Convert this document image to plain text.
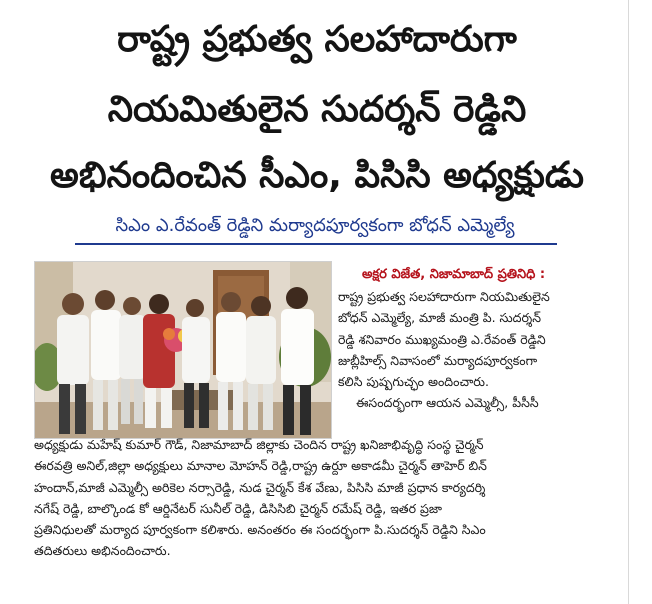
రాష్ట్ర ప్రభుత్వ సలహాదారుగా
నియమితులైన సుదర్శన్ రెడ్డిని
అభినందించిన సీఎం, పిసిసి అధ్యక్షుడు
సిఎం ఎ.రేవంత్ రెడ్డిని మర్యాదపూర్వకంగా బోధన్ ఎమ్మెల్యే
అక్షర విజేత, నిజామాబాద్ ప్రతినిధి :
రాష్ట్ర ప్రభుత్వ సలహాదారుగా నియమితులైన
బోధన్ ఎమ్మెల్యే, మాజీ మంత్రి పి. సుదర్శన్
రెడ్డి శనివారం ముఖ్యమంత్రి ఎ.రేవంత్ రెడ్డిని
జుబ్లీహిల్స్ నివాసంలో మర్యాదపూర్వకంగా
కలిసి పుష్పగుచ్ఛం అందించారు.
ఈసందర్భంగా ఆయన ఎమ్మెల్సీ, పీసీసీ
అధ్యక్షుడు మహేష్ కుమార్ గౌడ్, నిజామాబాద్ జిల్లాకు చెందిన రాష్ట్ర ఖనిజాభివృద్ధి సంస్థ చైర్మన్
ఈరవత్రి అనిల్,జిల్లా అధ్యక్షులు మానాల మోహన్ రెడ్డి,రాష్ట్ర ఉర్దూ అకాడమీ చైర్మన్ తాహెర్ బిన్
హందాన్,మాజీ ఎమ్మెల్సీ అరికెల నర్సారెడ్డి, నుడ చైర్మన్ కేశ వేణు, పిసిసి మాజీ ప్రధాన కార్యదర్శి
నగేష్ రెడ్డి, బాల్కొండ కో ఆర్డినేటర్ సునీల్ రెడ్డి, డిసిసిబి చైర్మన్ రమేష్ రెడ్డి, ఇతర ప్రజా
ప్రతినిధులతో మర్యాద పూర్వకంగా కలిశారు. అనంతరం ఈ సందర్భంగా పి.సుదర్శన్ రెడ్డిని సిఎం
తదితరులు అభినందించారు.
